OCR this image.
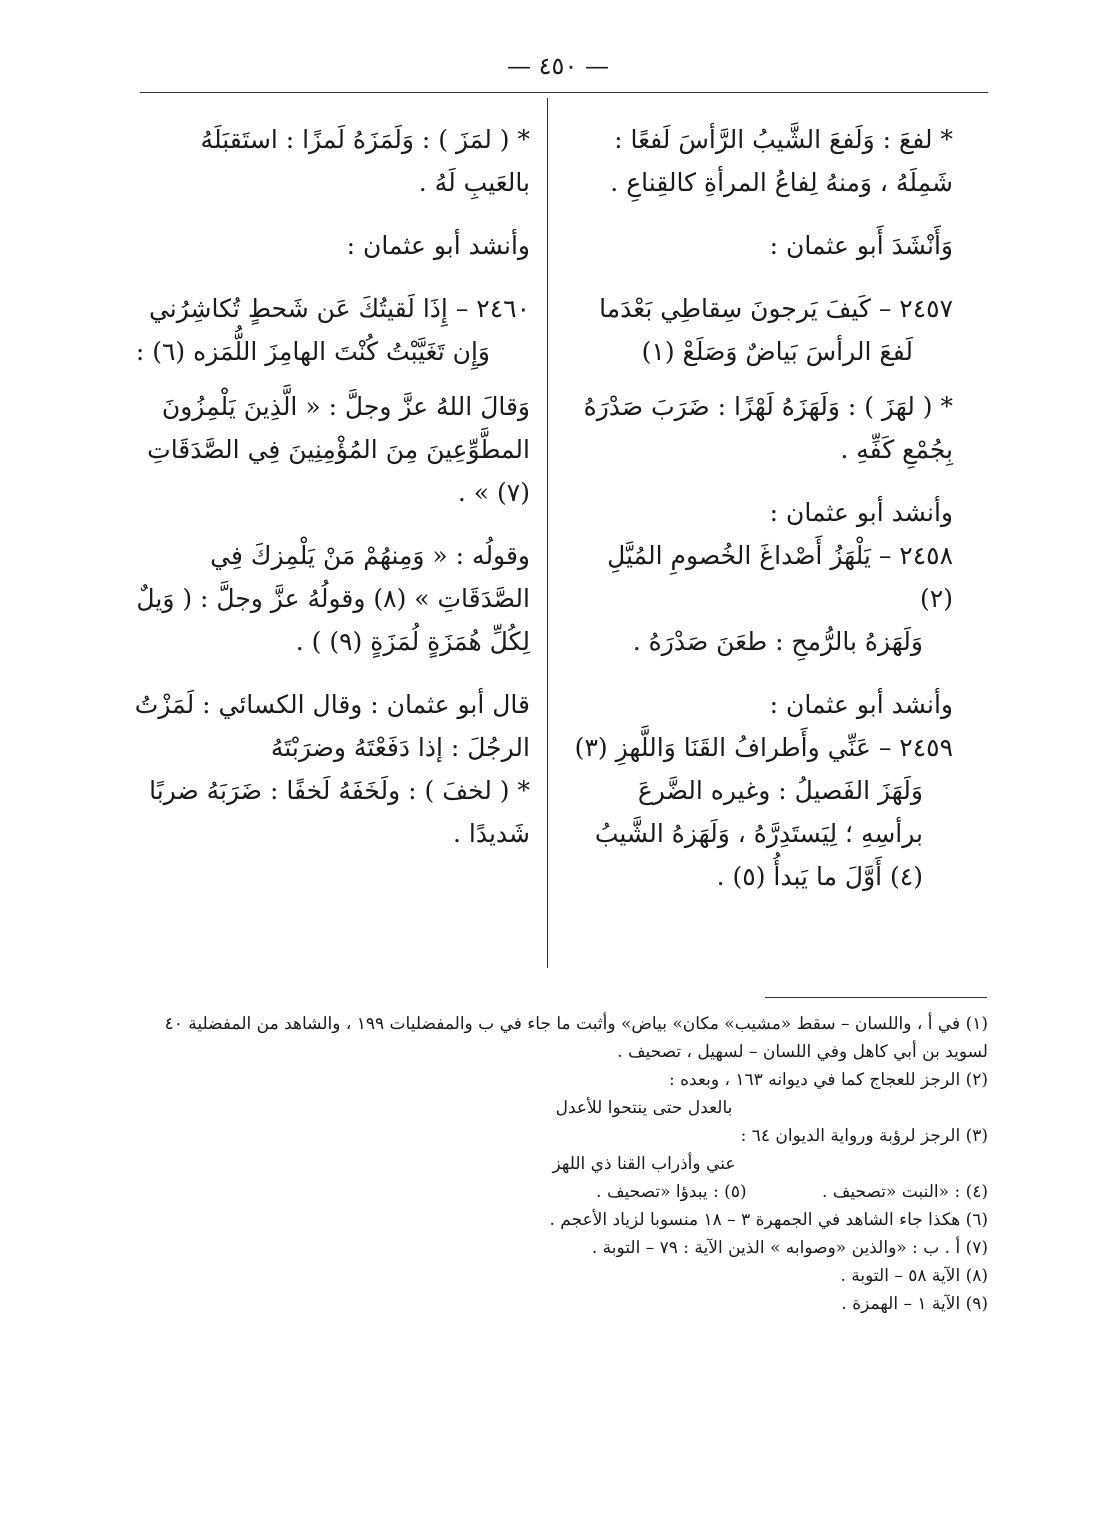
— ٤٥٠ —

* لفعَ : وَلَفعَ الشَّيبُ الرَّأسَ لَفعًا : شَمِلَهُ ، وَمنهُ لِفاعُ المرأةِ كالقِناعِ .

وَأَنْشَدَ أَبو عثمان :

٢٤٥٧ – كَيفَ يَرجونَ سِقاطِي بَعْدَما
لَفعَ الرأسَ بَياضٌ وَصَلَعْ (١)

* ( لهَزَ ) : وَلَهَزَهُ لَهْزًا : ضَرَبَ صَدْرَهُ بِجُمْعِ كَفِّهِ .

وأنشد أبو عثمان :

٢٤٥٨ – يَلْهَزُ أَصْداغَ الخُصومِ المُيَّلِ (٢)

وَلَهَزهُ بالرُّمحِ : طعَنَ صَدْرَهُ .

وأنشد أبو عثمان :

٢٤٥٩ – عَنِّي وأَطرافُ القَنَا وَاللَّهزِ (٣)

وَلَهَزَ الفَصيلُ : وغيره الضَّرعَ برأسِهِ ؛ لِيَستَدِرَّهُ ، وَلَهَزهُ الشَّيبُ (٤) أَوَّلَ ما يَبدأُ (٥) .

* ( لمَزَ ) : وَلَمَزَهُ لَمزًا : استَقبَلَهُ بالعَيبِ لَهُ .

وأنشد أبو عثمان :

٢٤٦٠ – إِذَا لَقيتُكَ عَن شَحطٍ تُكاشِرُني
وَإِن تَغَيَّبْتُ كُنْتَ الهامِزَ اللُّمَزه (٦) :

وَقالَ اللهُ عزَّ وجلَّ : « الَّذِينَ يَلْمِزُونَ المطَّوِّعِينَ مِنَ المُؤْمِنِينَ فِي الصَّدَقَاتِ (٧) » .

وقولُه : « وَمِنهُمْ مَنْ يَلْمِزكَ فِي الصَّدَقَاتِ » (٨) وقولُهُ عزَّ وجلَّ : ( وَيلٌ لِكُلِّ هُمَزَةٍ لُمَزَةٍ (٩) ) .

قال أبو عثمان : وقال الكسائي : لَمَزْتُ الرجُلَ : إذا دَفَعْتَهُ وضرَبْتَهُ

* ( لخفَ ) : ولَخَفَهُ لَخفًا : ضَرَبَهُ ضربًا شَديدًا .

(١) في أ ، واللسان – سقط «مشيب» مكان» بياض» وأثبت ما جاء في ب والمفضليات ١٩٩ ، والشاهد من المفضلية ٤٠ لسويد بن أبي كاهل وفي اللسان – لسهيل ، تصحيف .
(٢) الرجز للعجاج كما في ديوانه ١٦٣ ، وبعده :
بالعدل حتى ينتحوا للأعدل
(٣) الرجز لرؤبة ورواية الديوان ٦٤ :
عني وأذراب القنا ذي اللهز
(٤) : «النبت «تصحيف . (٥) : يبدؤا «تصحيف .
(٦) هكذا جاء الشاهد في الجمهرة ٣ – ١٨ منسوبا لزياد الأعجم .
(٧) أ . ب : «والذين «وصوابه » الذين الآية : ٧٩ – التوبة .
(٨) الآية ٥٨ – التوبة .
(٩) الآية ١ – الهمزة .
